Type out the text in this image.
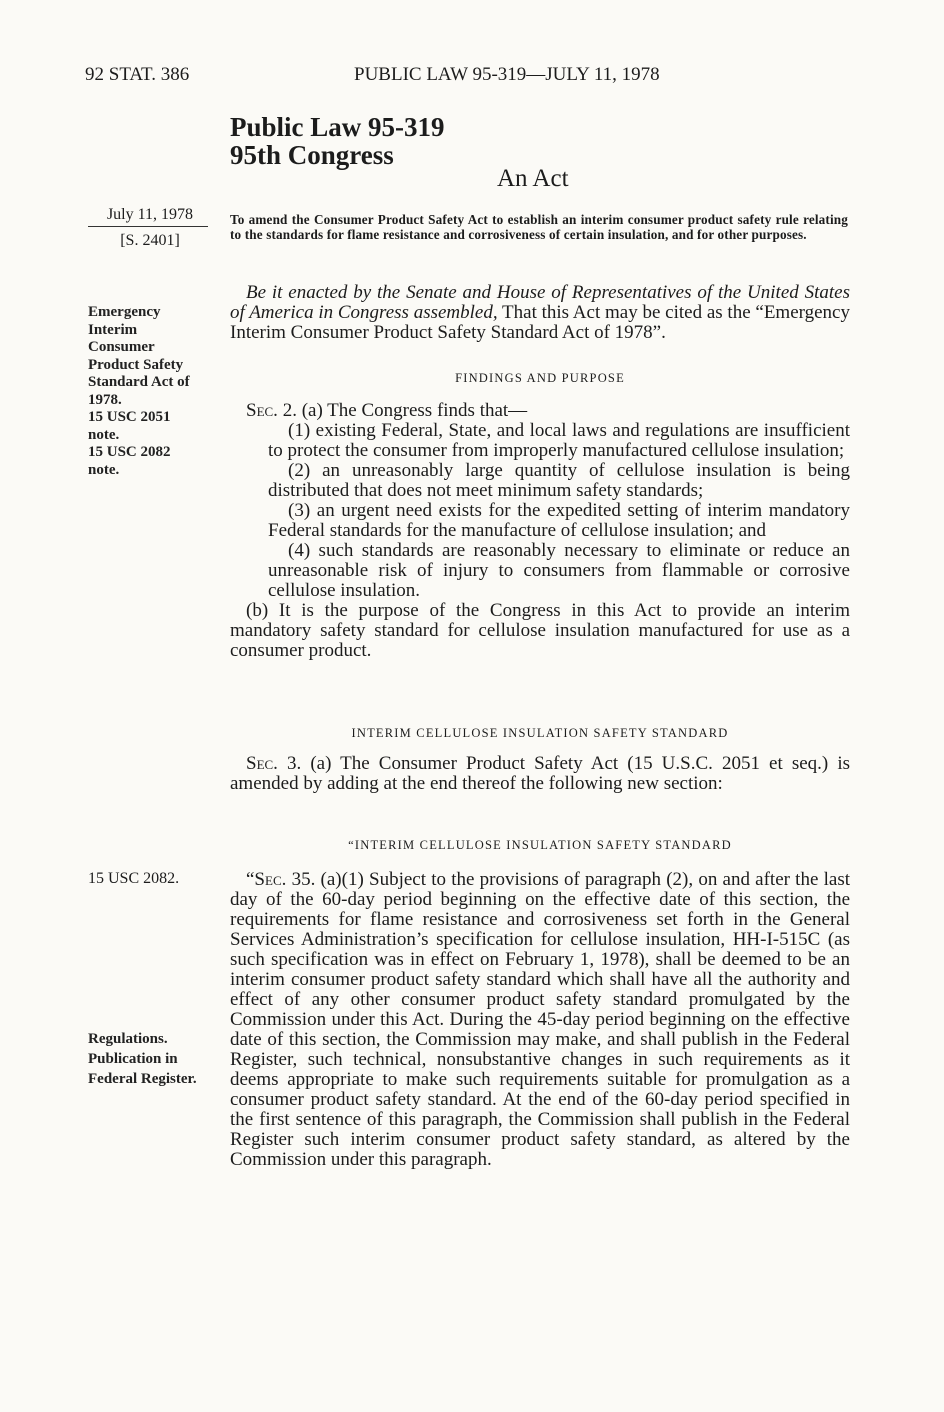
92 STAT. 386	PUBLIC LAW 95-319—JULY 11, 1978
Public Law 95-319
95th Congress
An Act
July 11, 1978
[S. 2401]
To amend the Consumer Product Safety Act to establish an interim consumer product safety rule relating to the standards for flame resistance and corrosiveness of certain insulation, and for other purposes.
Emergency
Interim
Consumer
Product Safety
Standard Act of
1978.
15 USC 2051
note.
15 USC 2082
note.

Be it enacted by the Senate and House of Representatives of the United States of America in Congress assembled, That this Act may be cited as the “Emergency Interim Consumer Product Safety Standard Act of 1978”.

FINDINGS AND PURPOSE

Sec. 2. (a) The Congress finds that—

(1) existing Federal, State, and local laws and regulations are insufficient to protect the consumer from improperly manufactured cellulose insulation;

(2) an unreasonably large quantity of cellulose insulation is being distributed that does not meet minimum safety standards;

(3) an urgent need exists for the expedited setting of interim mandatory Federal standards for the manufacture of cellulose insulation; and

(4) such standards are reasonably necessary to eliminate or reduce an unreasonable risk of injury to consumers from flammable or corrosive cellulose insulation.

(b) It is the purpose of the Congress in this Act to provide an interim mandatory safety standard for cellulose insulation manufactured for use as a consumer product.

INTERIM CELLULOSE INSULATION SAFETY STANDARD

Sec. 3. (a) The Consumer Product Safety Act (15 U.S.C. 2051 et seq.) is amended by adding at the end thereof the following new section:

“INTERIM CELLULOSE INSULATION SAFETY STANDARD
15 USC 2082.	“Sec. 35. (a)(1) Subject to the provisions of paragraph (2), on and after the last day of the 60-day period beginning on the effective date of this section, the requirements for flame resistance and corrosiveness set forth in the General Services Administration’s specification for cellulose insulation, HH-I-515C (as such specification was in effect on February 1, 1978), shall be deemed to be an interim consumer product safety standard which shall have all the authority and effect of any other consumer product safety standard promulgated by the Commission under this Act. During the 45-day period beginning on the effective date of this section, the Commission may make, and shall publish in the Federal Register, such technical, nonsubstantive changes in such requirements as it deems appropriate to make such requirements suitable for promulgation as a consumer product safety standard. At the end of the 60-day period specified in the first sentence of this paragraph, the Commission shall publish in the Federal Register such interim consumer product safety standard, as altered by the Commission under this paragraph.

Regulations.
Publication in
Federal Register.
